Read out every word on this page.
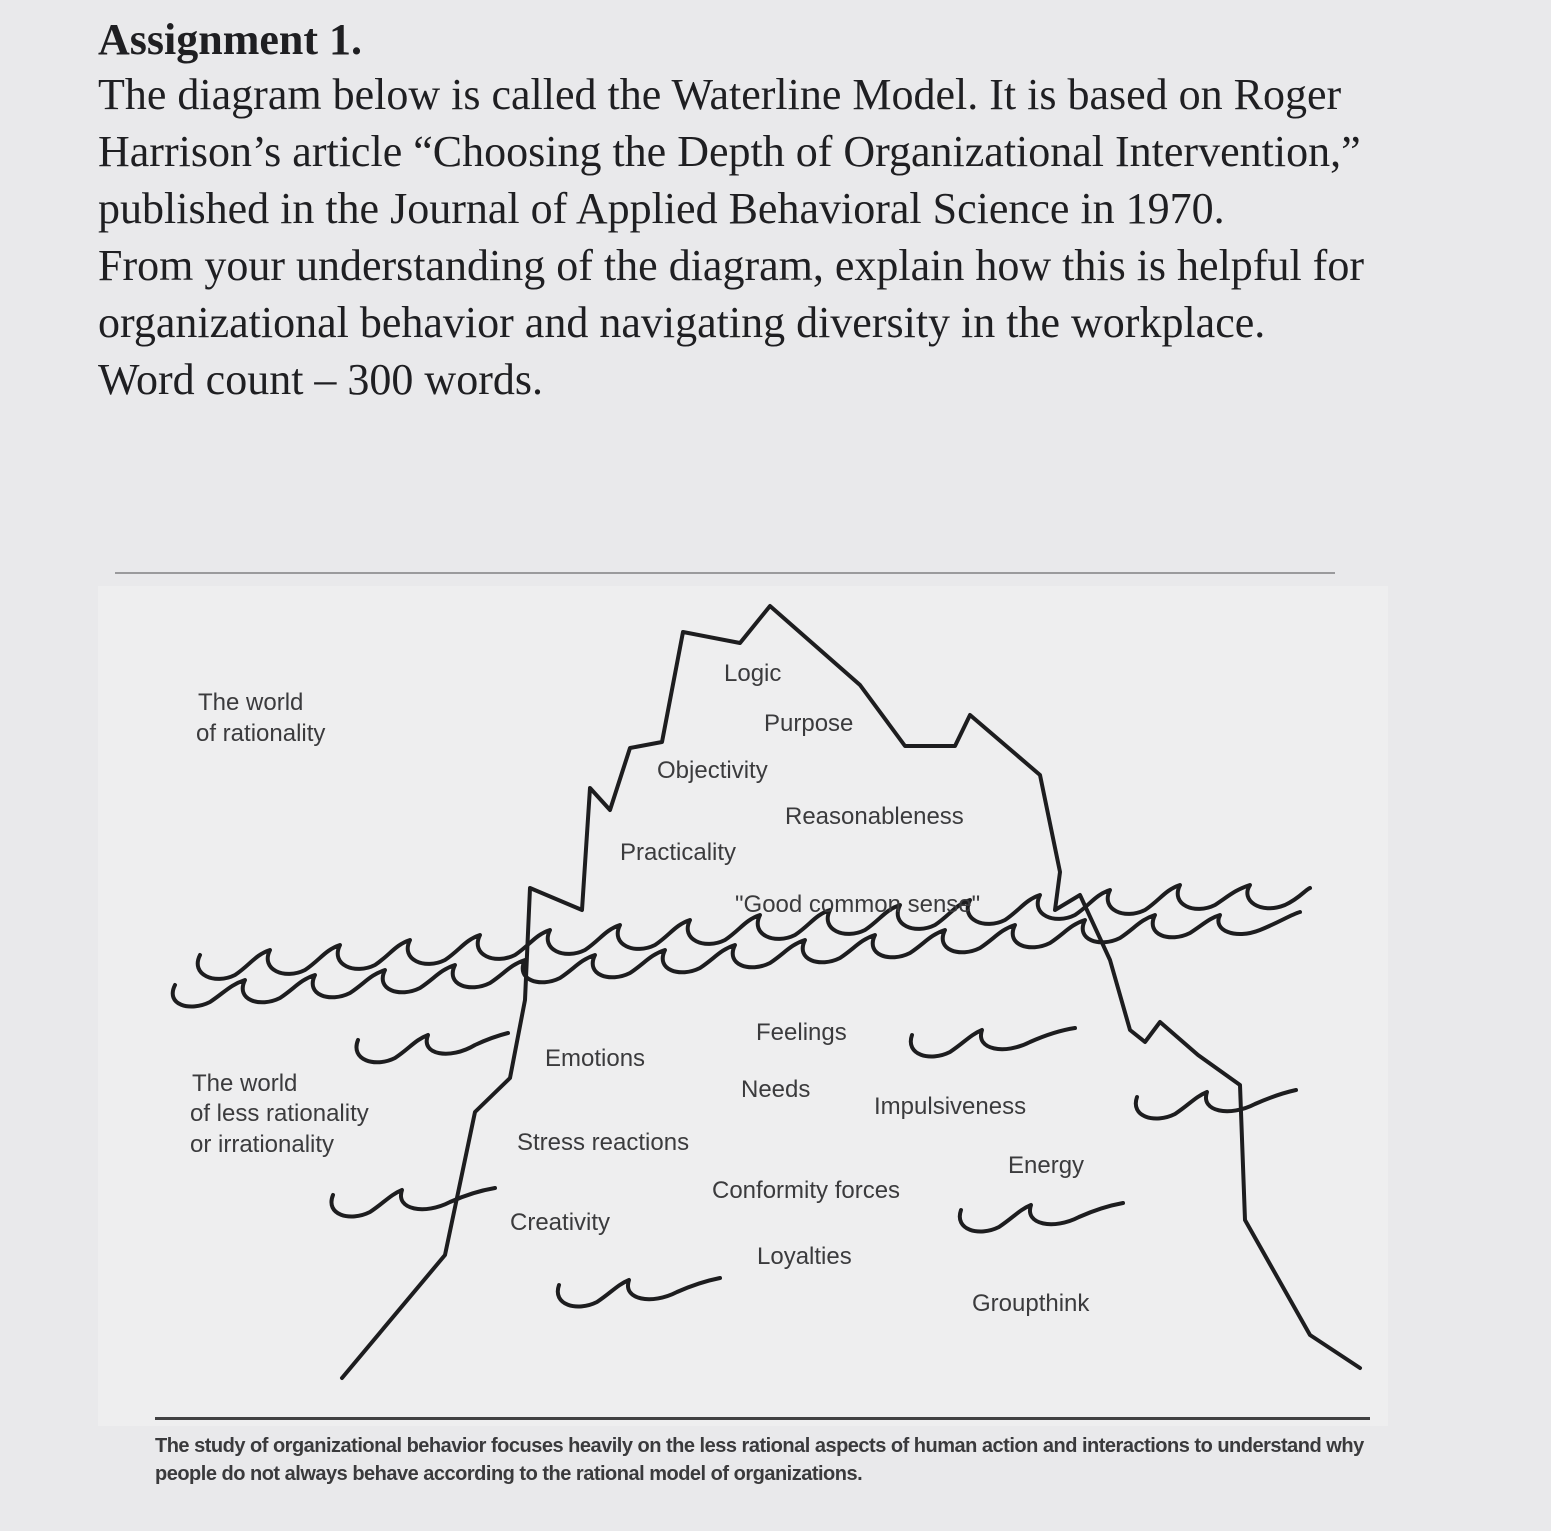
Assignment 1.

The diagram below is called the Waterline Model. It is based on Roger Harrison’s article “Choosing the Depth of Organizational Intervention,” published in the Journal of Applied Behavioral Science in 1970.

From your understanding of the diagram, explain how this is helpful for organizational behavior and navigating diversity in the workplace.

Word count – 300 words.

The world
of rationality
The world
of less rationality
or irrationality
Logic
Purpose
Objectivity
Reasonableness
Practicality
"Good common sense"
Feelings
Emotions
Needs
Impulsiveness
Stress reactions
Energy
Conformity forces
Creativity
Loyalties
Groupthink
The study of organizational behavior focuses heavily on the less rational aspects of human action and interactions to understand why people do not always behave according to the rational model of organizations.
